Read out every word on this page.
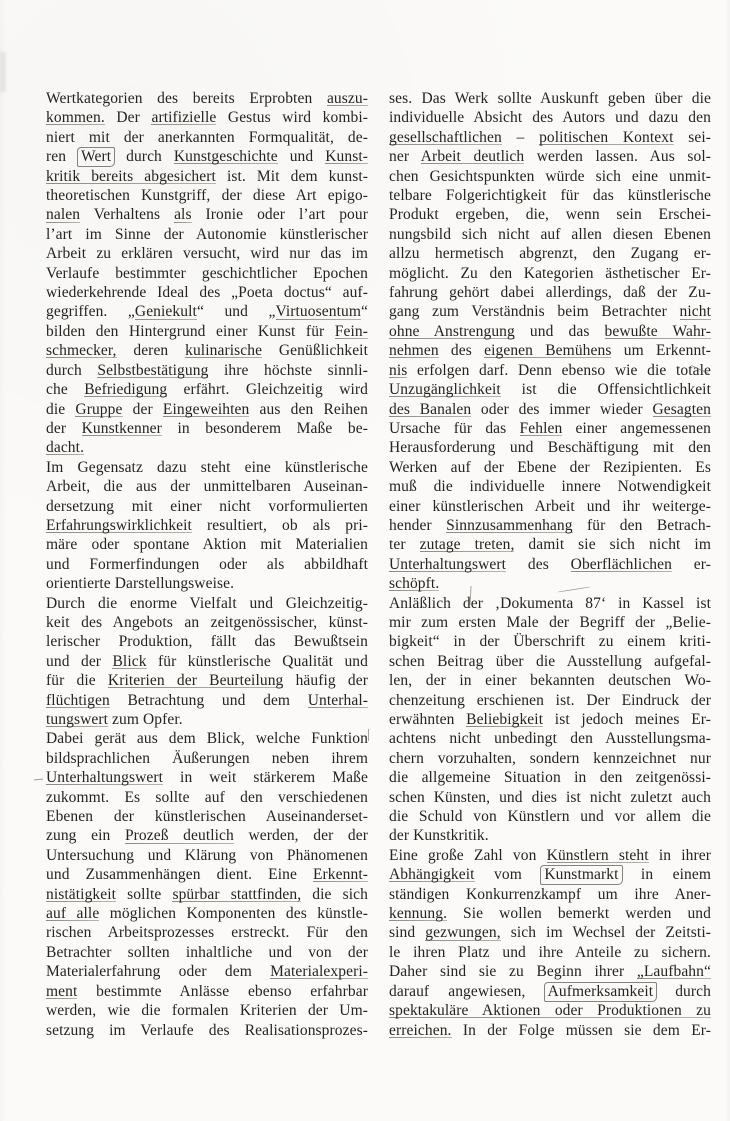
Wertkategorien des bereits Erprobten auszu-
kommen. Der artifizielle Gestus wird kombi-
niert mit der anerkannten Formqualität, de-
ren Wert durch Kunstgeschichte und Kunst-
kritik bereits abgesichert ist. Mit dem kunst-
theoretischen Kunstgriff, der diese Art epigo-
nalen Verhaltens als Ironie oder l’art pour
l’art im Sinne der Autonomie künstlerischer
Arbeit zu erklären versucht, wird nur das im
Verlaufe bestimmter geschichtlicher Epochen
wiederkehrende Ideal des „Poeta doctus“ auf-
gegriffen. „Geniekult“ und „Virtuosentum“
bilden den Hintergrund einer Kunst für Fein-
schmecker, deren kulinarische Genüßlichkeit
durch Selbstbestätigung ihre höchste sinnli-
che Befriedigung erfährt. Gleichzeitig wird
die Gruppe der Eingeweihten aus den Reihen
der Kunstkenner in besonderem Maße be-
dacht.
Im Gegensatz dazu steht eine künstlerische
Arbeit, die aus der unmittelbaren Auseinan-
dersetzung mit einer nicht vorformulierten
Erfahrungswirklichkeit resultiert, ob als pri-
märe oder spontane Aktion mit Materialien
und Formerfindungen oder als abbildhaft
orientierte Darstellungsweise.
Durch die enorme Vielfalt und Gleichzeitig-
keit des Angebots an zeitgenössischer, künst-
lerischer Produktion, fällt das Bewußtsein
und der Blick für künstlerische Qualität und
für die Kriterien der Beurteilung häufig der
flüchtigen Betrachtung und dem Unterhal-
tungswert zum Opfer.
Dabei gerät aus dem Blick, welche Funktion
bildsprachlichen Äußerungen neben ihrem
Unterhaltungswert in weit stärkerem Maße
zukommt. Es sollte auf den verschiedenen
Ebenen der künstlerischen Auseinanderset-
zung ein Prozeß deutlich werden, der der
Untersuchung und Klärung von Phänomenen
und Zusammenhängen dient. Eine Erkennt-
nistätigkeit sollte spürbar stattfinden, die sich
auf alle möglichen Komponenten des künstle-
rischen Arbeitsprozesses erstreckt. Für den
Betrachter sollten inhaltliche und von der
Materialerfahrung oder dem Materialexperi-
ment bestimmte Anlässe ebenso erfahrbar
werden, wie die formalen Kriterien der Um-
setzung im Verlaufe des Realisationsprozes-
ses. Das Werk sollte Auskunft geben über die
individuelle Absicht des Autors und dazu den
gesellschaftlichen – politischen Kontext sei-
ner Arbeit deutlich werden lassen. Aus sol-
chen Gesichtspunkten würde sich eine unmit-
telbare Folgerichtigkeit für das künstlerische
Produkt ergeben, die, wenn sein Erschei-
nungsbild sich nicht auf allen diesen Ebenen
allzu hermetisch abgrenzt, den Zugang er-
möglicht. Zu den Kategorien ästhetischer Er-
fahrung gehört dabei allerdings, daß der Zu-
gang zum Verständnis beim Betrachter nicht
ohne Anstrengung und das bewußte Wahr-
nehmen des eigenen Bemühens um Erkennt-
nis erfolgen darf. Denn ebenso wie die totale
Unzugänglichkeit ist die Offensichtlichkeit
des Banalen oder des immer wieder Gesagten
Ursache für das Fehlen einer angemessenen
Herausforderung und Beschäftigung mit den
Werken auf der Ebene der Rezipienten. Es
muß die individuelle innere Notwendigkeit
einer künstlerischen Arbeit und ihr weiterge-
hender Sinnzusammenhang für den Betrach-
ter zutage treten, damit sie sich nicht im
Unterhaltungswert des Oberflächlichen er-
schöpft.
Anläßlich der ‚Dokumenta 87‘ in Kassel ist
mir zum ersten Male der Begriff der „Belie-
bigkeit“ in der Überschrift zu einem kriti-
schen Beitrag über die Ausstellung aufgefal-
len, der in einer bekannten deutschen Wo-
chenzeitung erschienen ist. Der Eindruck der
erwähnten Beliebigkeit ist jedoch meines Er-
achtens nicht unbedingt den Ausstellungsma-
chern vorzuhalten, sondern kennzeichnet nur
die allgemeine Situation in den zeitgenössi-
schen Künsten, und dies ist nicht zuletzt auch
die Schuld von Künstlern und vor allem die
der Kunstkritik.
Eine große Zahl von Künstlern steht in ihrer
Abhängigkeit vom Kunstmarkt in einem
ständigen Konkurrenzkampf um ihre Aner-
kennung. Sie wollen bemerkt werden und
sind gezwungen, sich im Wechsel der Zeitsti-
le ihren Platz und ihre Anteile zu sichern.
Daher sind sie zu Beginn ihrer „Laufbahn“
darauf angewiesen, Aufmerksamkeit durch
spektakuläre Aktionen oder Produktionen zu
erreichen. In der Folge müssen sie dem Er-
